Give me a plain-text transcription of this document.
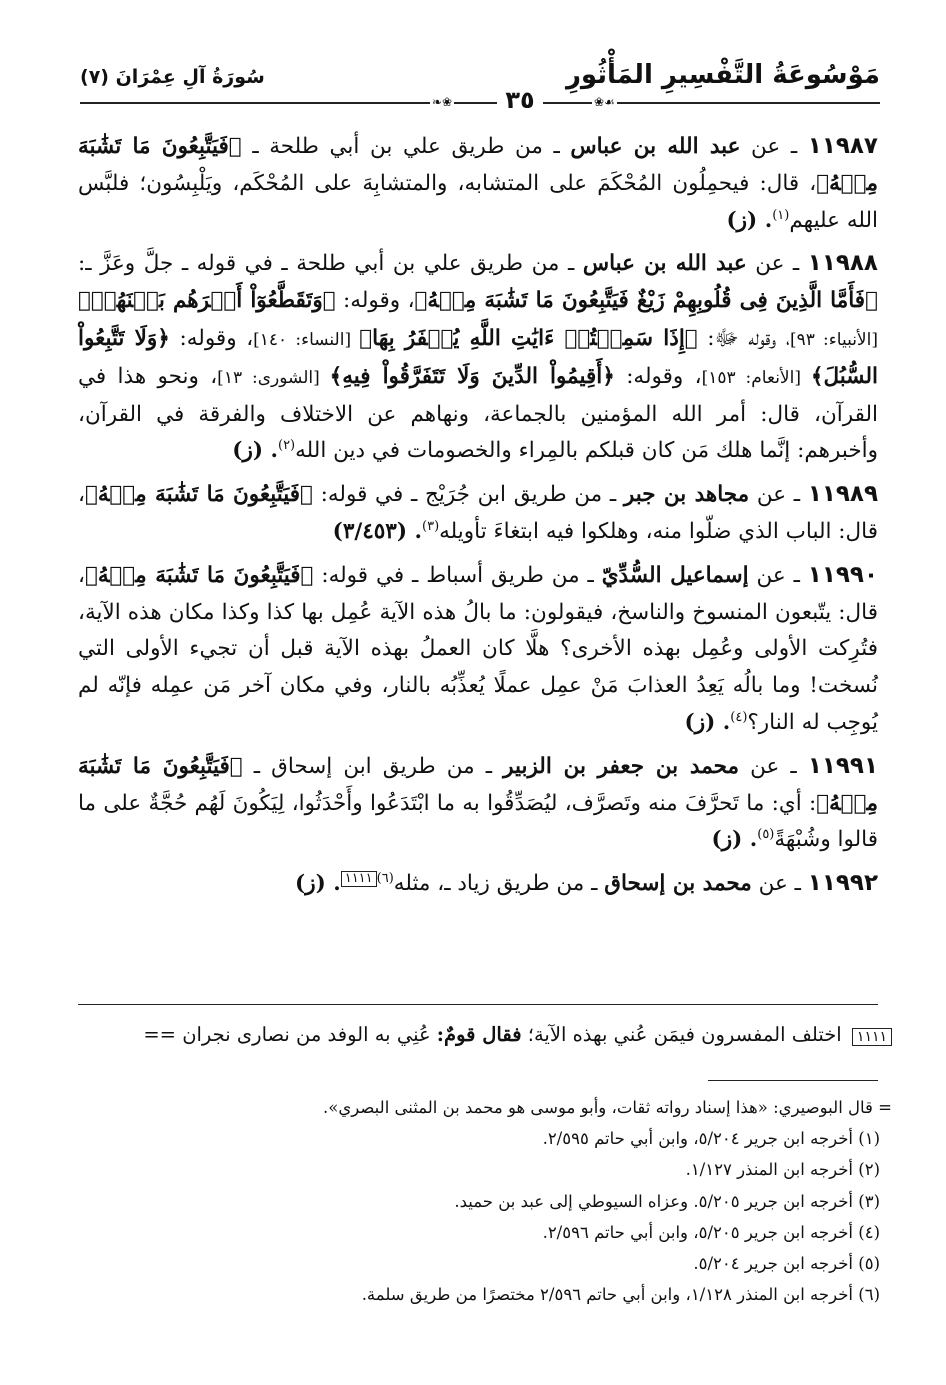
مَوْسُوعَةُ التَّفْسِيرِ المَأْثُورِ
سُورَةُ آلِ عِمْرَانَ (٧)
❀❧	٣٥	☙❀

١١٩٨٧ ـ عن عبد الله بن عباس ـ من طريق علي بن أبي طلحة ـ ﴿فَيَتَّبِعُونَ مَا تَشَٰبَهَ مِنۡهُ﴾، قال: فيحمِلُون المُحْكَمَ على المتشابه، والمتشابِهَ على المُحْكَم، ويَلْبِسُون؛ فلبَّس الله عليهم$^{(١)}$. (ز)

١١٩٨٨ ـ عن عبد الله بن عباس ـ من طريق علي بن أبي طلحة ـ في قوله ـ جلَّ وعَزَّ ـ: ﴿فَأَمَّا الَّذِينَ فِى قُلُوبِهِمْ زَيْغٌ فَيَتَّبِعُونَ مَا تَشَٰبَهَ مِنۡهُ﴾، وقوله: ﴿وَتَقَطَّعُوٓاْ أَمۡرَهُم بَيۡنَهُمۡ﴾ [الأنبياء: ٩٣]، وقوله ﷻ: ﴿إِذَا سَمِعۡتُمۡ ءَايَٰتِ اللَّهِ يُكۡفَرُ بِهَا﴾ [النساء: ١٤٠]، وقوله: ﴿وَلَا تَتَّبِعُواْ السُّبُلَ﴾ [الأنعام: ١٥٣]، وقوله: ﴿أَقِيمُواْ الدِّينَ وَلَا تَتَفَرَّقُواْ فِيهِ﴾ [الشورى: ١٣]، ونحو هذا في القرآن، قال: أمر الله المؤمنين بالجماعة، ونهاهم عن الاختلاف والفرقة في القرآن، وأخبرهم: إنَّما هلك مَن كان قبلكم بالمِراء والخصومات في دين الله$^{(٢)}$. (ز)

١١٩٨٩ ـ عن مجاهد بن جبر ـ من طريق ابن جُرَيْج ـ في قوله: ﴿فَيَتَّبِعُونَ مَا تَشَٰبَهَ مِنۡهُ﴾، قال: الباب الذي ضلّوا منه، وهلكوا فيه ابتغاءَ تأويله$^{(٣)}$. (٣/٤٥٣)

١١٩٩٠ ـ عن إسماعيل السُّدِّيّ ـ من طريق أسباط ـ في قوله: ﴿فَيَتَّبِعُونَ مَا تَشَٰبَهَ مِنۡهُ﴾، قال: يتّبعون المنسوخ والناسخ، فيقولون: ما بالُ هذه الآية عُمِل بها كذا وكذا مكان هذه الآية، فتُرِكت الأولى وعُمِل بهذه الأخرى؟ هلَّا كان العملُ بهذه الآية قبل أن تجيء الأولى التي نُسخت! وما بالُه يَعِدُ العذابَ مَنْ عمِل عملًا يُعذِّبُه بالنار، وفي مكان آخر مَن عمِله فإنّه لم يُوجِب له النار؟$^{(٤)}$. (ز)

١١٩٩١ ـ عن محمد بن جعفر بن الزبير ـ من طريق ابن إسحاق ـ ﴿فَيَتَّبِعُونَ مَا تَشَٰبَهَ مِنۡهُ﴾: أي: ما تَحرَّفَ منه وتَصرَّف، ليُصَدِّقُوا به ما ابْتَدَعُوا وأَحْدَثُوا، لِيَكُونَ لَهُم حُجَّةٌ على ما قالوا وشُبْهَةً$^{(٥)}$. (ز)

١١٩٩٢ ـ عن محمد بن إسحاق ـ من طريق زياد ـ، مثله$^{(٦)}$١١١١. (ز)

١١١١ اختلف المفسرون فيمَن عُني بهذه الآية؛ فقال قومٌ: عُنِي به الوفد من نصارى نجران ==
= قال البوصيري: «هذا إسناد رواته ثقات، وأبو موسى هو محمد بن المثنى البصري».
(١) أخرجه ابن جرير ٥/٢٠٤، وابن أبي حاتم ٢/٥٩٥.
(٢) أخرجه ابن المنذر ١/١٢٧.
(٣) أخرجه ابن جرير ٥/٢٠٥. وعزاه السيوطي إلى عبد بن حميد.
(٤) أخرجه ابن جرير ٥/٢٠٥، وابن أبي حاتم ٢/٥٩٦.
(٥) أخرجه ابن جرير ٥/٢٠٤.
(٦) أخرجه ابن المنذر ١/١٢٨، وابن أبي حاتم ٢/٥٩٦ مختصرًا من طريق سلمة.
